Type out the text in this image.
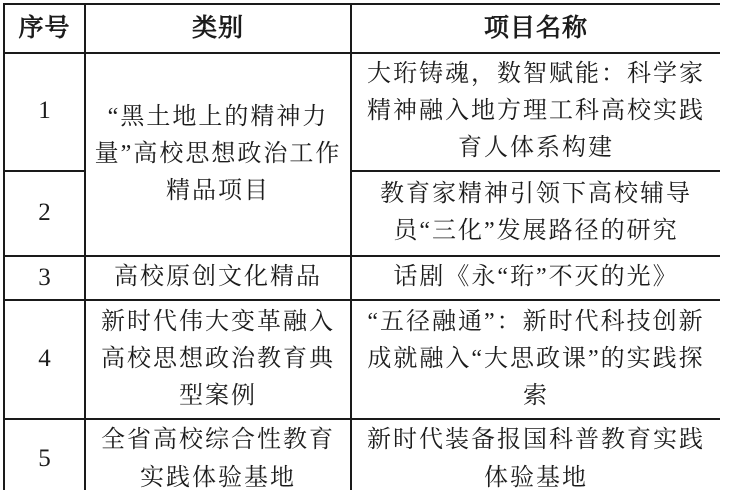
序号	类别	项目名称
1	“黑土地上的精神力量”高校思想政治工作精品项目	大珩铸魂，数智赋能：科学家精神融入地方理工科高校实践育人体系构建
2		教育家精神引领下高校辅导员“三化”发展路径的研究
3	高校原创文化精品	话剧《永“珩”不灭的光》
4	新时代伟大变革融入高校思想政治教育典型案例	“五径融通”：新时代科技创新成就融入“大思政课”的实践探索
5	全省高校综合性教育实践体验基地	新时代装备报国科普教育实践体验基地
